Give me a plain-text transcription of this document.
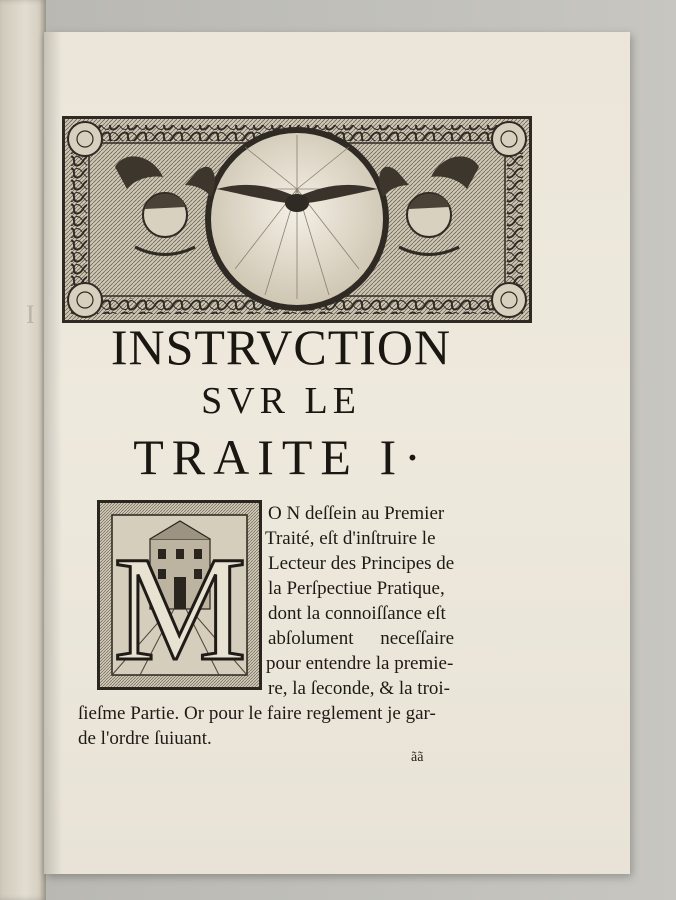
I
INSTRVCTION
SVR LE
TRAITE I·
M
O N deſſein au Premier
Traité, eſt d'inſtruire le
Lecteur des Principes de
la Perſpectiue Pratique,
dont la connoiſſance eſt
abſolument neceſſaire
pour entendre la premie-
re, la ſeconde, & la troi-
ſieſme Partie. Or pour le faire reglement je gar-
de l'ordre ſuiuant.
ãã
